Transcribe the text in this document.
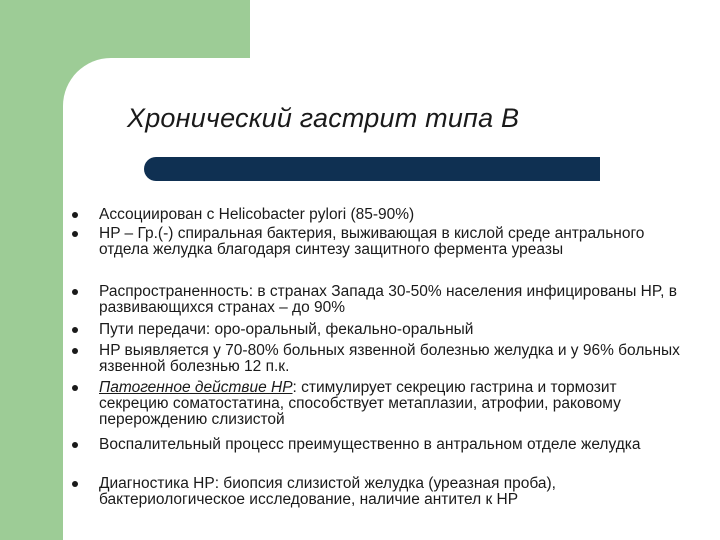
Хронический гастрит типа В
Ассоциирован с Helicobacter pylori (85-90%)
HP – Гр.(-) спиральная бактерия, выживающая в кислой среде антрального отдела желудка благодаря синтезу защитного фермента уреазы
Распространенность: в странах Запада 30-50% населения инфицированы HP, в развивающихся странах – до 90%
Пути передачи: оро-оральный, фекально-оральный
HP выявляется у 70-80% больных язвенной болезнью желудка и у 96% больных язвенной болезнью 12 п.к.
Патогенное действие HP: стимулирует секрецию гастрина и тормозит секрецию соматостатина, способствует метаплазии, атрофии, раковому перерождению слизистой
Воспалительный процесс преимущественно в антральном отделе желудка
Диагностика HP: биопсия слизистой желудка (уреазная проба), бактериологическое исследование, наличие антител к HP
